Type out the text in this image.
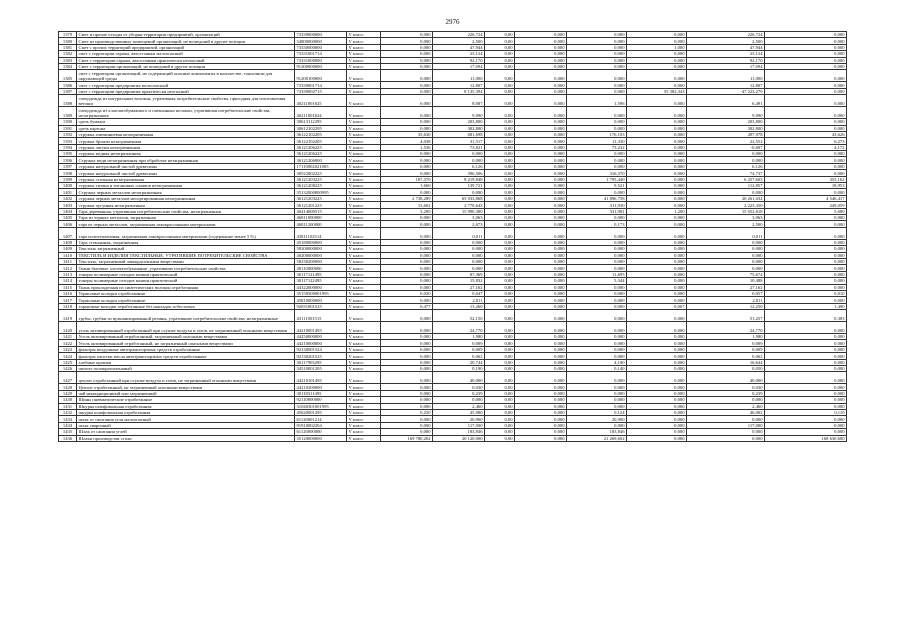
2976
1379	Смет и прочие отходы от уборки территории предприятий, организаций	73339000000	V класс	0,000	226,724	0,00	0,000	0,000	0,000	226,724	0,000
1380	Смет из производственных помещений организаций, не вошедший в другие позиции	54800000000	V класс	0,000	2,500	0,00	0,000	0,000	0,000	2,500	0,000
1381	Смет с прочих территорий предприятий, организаций	73330000000	V класс	0,000	47,944	0,00	0,000	0,000	1,000	47,944	0,000
1382	смет с территории гаража, автостоянки малоопасный	73331001714	V класс	0,000	23,124	0,00	0,000	0,000	0,000	23,124	0,000
1383	Смет с территории гаража, автостоянки практически неопасный	73331000000	V класс	0,000	92,170	0,00	0,000	0,000	0,000	92,170	0,000
1384	Смет с территории организаций, не вошедший в другие позиции	91200000000	V класс	0,000	17,094	0,00	0,000	0,000	0,000	17,094	0,000
1385	смет с территории организаций, не содержащий опасные компоненты в количестве, токсичном для окружающей среды	91200100000	V класс	0,000	11,000	0,00	0,000	0,000	0,000	11,000	0,000
1386	смет с территории предприятия малоопасный	73339001714	V класс	0,000	12,807	0,00	0,000	0,000	0,000	12,807	0,000
1387	смет с территории предприятия практически неопасный	73339002715	V класс	0,000	8 135,394	0,00	0,000	0,000	55 382,343	-47 223,279	0,000
1388	спецодежда из натуральных волокон, утратившая потребительские свойства, пригодная для изготовления ветоши	40211001625	V класс	0,000	8,087	0,00	0,000	1,596	0,000	6,491	0,000
1389	спецодежда из хлопчатобумажного и смешанных волокон, утратившая потребительские свойства, незагрязненная	40211001624	V класс	0,000	9,090	0,00	0,000	0,000	0,000	9,090	0,000
1390	срезь бумажн	30613112295	V класс	0,000	203,800	0,00	0,000	0,000	0,000	203,800	0,000
1391	срезь картона	30612102295	V класс	0,000	302,800	0,00	0,000	0,000	0,000	302,800	0,000
1392	стружка алюминиевая незагрязненная	36122102205	V класс	35,630	681,698	0,00	0,000	176,103	0,000	497,978	43,626
1393	стружка бронзы незагрязненная	36122102205	V класс	4,038	31,517	0,00	0,000	11,330	0,000	22,552	6,273
1394	стружка латуни незагрязненная	36121206225	V класс	1,536	73,821	0,00	0,000	73,232	0,000	-0,697	4,172
1395	стружка медная незагрязненная	36121206225	V класс	0,000	0,000	0,00	0,000	0,000	0,000	0,000	0,000
1396	Стружка меди незагрязненная при обработке незагрязненная	36121206000	V класс	0,000	0,000	0,00	0,000	0,000	0,000	0,000	0,000
1397	стружка натуральной чистой древесины	17110002021005	V класс	0,000	6,126	0,00	0,000	0,000	0,000	6,126	0,000
1398	стружка натуральной чистой древесины	30522002225	V класс	0,000	396,506	0,00	0,000	316,370	0,000	74,737	0,000
1399	стружка стальная незагрязненная	36121203225	V класс	187,370	8 219,848	0,00	0,000	1 795,440	0,000	6 257,603	355,162
1400	стружка титана и титановых сплавов незагрязненная	36121208225	V класс	1,660	139,721	0,00	0,000	9,521	0,000	112,857	18,953
1401	Стружка черных металлов незагрязненная	35132000000995	V класс	0,000	0,000	0,00	0,000	0,000	0,000	0,000	0,000
1402	стружка черных металлов несортированная незагрязненная	36121203225	V класс	2 738,289	65 033,868	0,00	0,000	41 896,758	0,000	20 261,032	4 546,417
1403	стружка чугунная незагрязненная	36121201225	V класс	13,602	2 770,643	0,00	0,000	311,930	0,000	2 223,350	249,059
1404	Тара деревянная, утратившая потребительские свойства, незагрязненная	40414000515	V класс	3,200	15 990,380	0,00	0,000	331,081	1,200	15 652,618	5,680
1405	Тара из черных металлов, загрязненная	46811000000	V класс	0,000	3,063	0,00	0,000	0,000	0,000	3,063	0,000
1406	тара из черных металлов, загрязненная лакокрасочными материалами	46811200000	V класс	0,000	2,673	0,00	0,000	0,173	0,000	2,500	0,000
1407	тара полиэтиленовая, загрязненная лакокрасочными материалами (содержание менее 5 %)	43811102514	V класс	0,000	0,011	0,00	0,000	0,000	0,000	0,011	0,000
1408	Тара стеклянная, загрязненная	45180000000	V класс	0,000	0,000	0,00	0,000	0,000	0,000	0,000	0,000
1409	Текстиль загрязненный	58200000000	V класс	0,000	0,000	0,00	0,000	0,000	0,000	0,000	0,000
1410	ТЕКСТИЛЬ И ИЗДЕЛИЯ ТЕКСТИЛЬНЫЕ, УТРАТИВШИЕ ПОТРЕБИТЕЛЬСКИЕ СВОЙСТВА	40200000000	V класс	0,000	0,000	0,00	0,000	0,000	0,000	0,000	0,000
1411	Текстиль, загрязненный лакокрасочными веществами	58230200000	V класс	0,000	0,000	0,00	0,000	0,000	0,000	0,000	0,000
1412	Ткани бытовые хлопчатобумажные, утратившие потребительские свойства	48110000000	V класс	0,000	0,000	0,00	0,000	0,000	0,000	0,000	0,000
1413	тонеры полимерные отходов машин практический	30117121495	V класс	0,000	87,369	0,00	0,000	11,695	0,000	75,674	0,000
1414	тонеры полимерные отходов машин практический	30117122495	V класс	0,000	15,832	0,00	0,000	5,344	0,000	10,488	0,000
1415	Ткань прокладочная из синтетических волокон отработанная	44322000000	V класс	0,000	27,162	0,00	0,000	0,000	0,000	27,162	0,000
1416	Тормозные колодки отработанные	35150500001995	V класс	0,020	0,047	0,00	0,000	0,000	0,000	0,057	0,010
1417	Тормозные колодки отработанные	45810000000	V класс	0,000	2,811	0,00	0,000	0,000	0,000	2,811	0,000
1418	тормозные колодки отработанные без накладок асбестовых	92031001525	V класс	6,477	13,260	0,00	0,000	0,000	0,007	12,250	1,490
1419	трубы, трубки из вулканизированной резины, утратившие потребительские свойства, незагрязненные	43111001515	V класс	0,000	52,150	0,00	0,000	0,000	0,000	51,257	0,383
1420	уголь активированный отработанный при осушке воздуха и газов, не загрязненный опасными веществами	44210001495	V класс	0,000	24,770	0,00	0,000	0,000	0,000	24,770	0,000
1421	Уголь активированный отработанный, загрязненный опасными веществами	44250000000	V класс	0,000	1,980	0,00	0,000	0,000	0,000	1,980	0,000
1422	Уголь активированный отработанный, не загрязненный опасными веществами	44210000000	V класс	0,000	0,009	0,00	0,000	0,000	0,000	0,009	0,000
1423	фильтры воздушные автотранспортных средств отработанные	92130001524	V класс	0,000	0,009	0,00	0,000	0,000	0,000	0,009	0,000
1424	фильтры очистки масла автотранспортных средств отработанные	92130201525	V класс	0,000	0,062	0,00	0,000	0,000	0,000	0,062	0,000
1425	хлебные крошки	30117903295	V класс	0,000	20,744	0,00	0,000	4,100	0,000	16,644	0,000
1426	шпагат полипропиленовый	34510001205	V класс	0,000	0,190	0,00	0,000	0,140	0,000	0,050	0,000
1427	цеолит отработанный при осушке воздуха и газов, не загрязненный опасными веществами	44210101495	V класс	0,000	40,000	0,00	0,000	0,000	0,000	40,000	0,000
1428	Цеолит отработанный, не загрязненный опасными веществами	44210200000	V класс	0,000	0,030	0,00	0,000	0,000	0,000	0,030	0,000
1429	чай некондиционный или загрязненный	30118311495	V класс	0,000	0,239	0,00	0,000	0,000	0,000	0,239	0,000
1430	Шины пневматические отработанные	92110000000	V класс	0,000	0,000	0,00	0,000	0,000	0,000	0,000	0,000
1431	Шкурка шлифовальная отработанная	31040301001995	V класс	0,000	2,460	0,00	0,000	0,000	0,000	2,460	0,000
1432	шкурка шлифовальная отработанная	45620001295	V класс	0,250	45,980	0,00	0,000	0,124	0,000	46,002	0,110
1433	шлак от сжигания угля малоопасный	61120001214	V класс	0,000	20,900	0,00	0,000	20,900	0,000	0,000	0,000
1434	шлак сварочный	91910002204	V класс	0,000	117,000	0,00	0,000	0,000	0,000	117,000	0,000
1435	Шлак от сжигания углей	61120000000	V класс	0,000	183,846	0,00	0,000	183,846	0,000	0,000	0,000
1436	Шлаки производства стали	35120000000	V класс	169 780,202	20 120,000	0,00	0,000	21 269,602	0,000	0,000	168 630,600
